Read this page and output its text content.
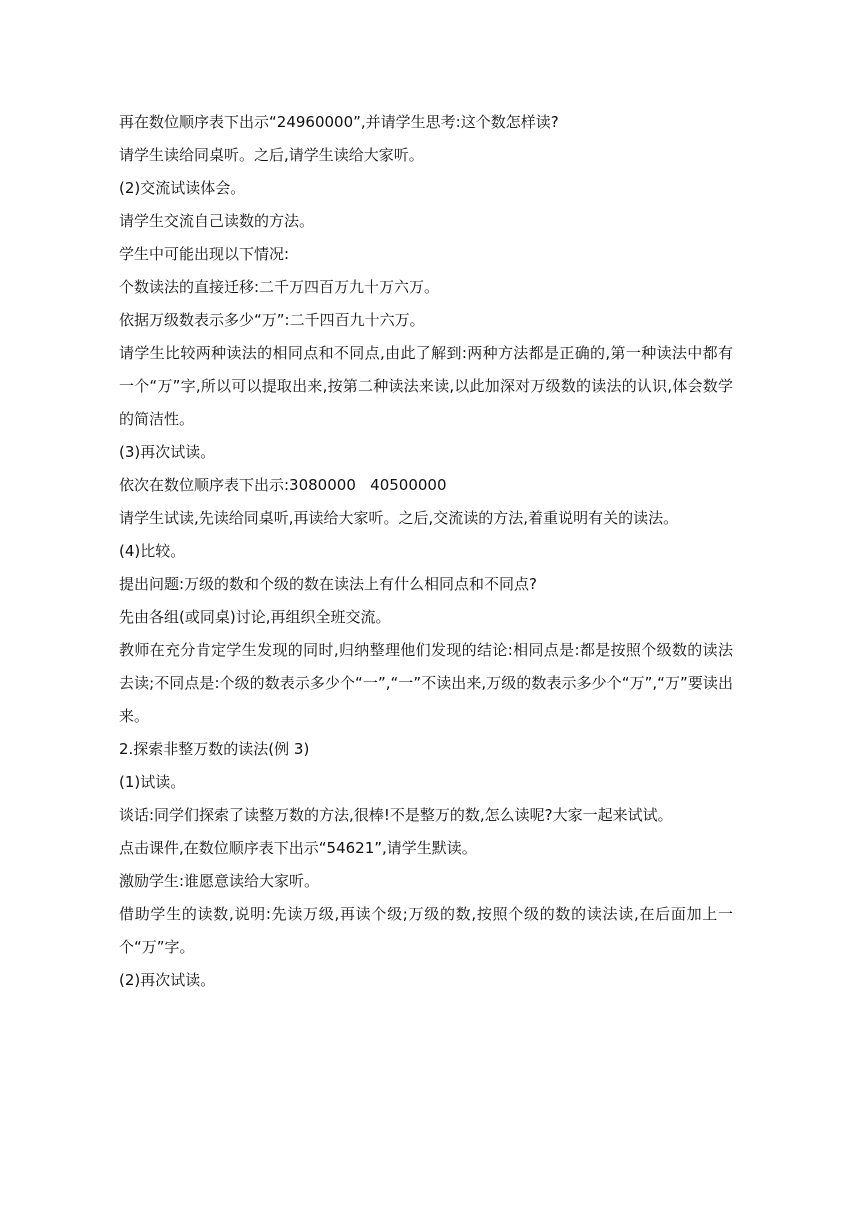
再在数位顺序表下出示“24960000”,并请学生思考:这个数怎样读?

请学生读给同桌听。之后,请学生读给大家听。

(2)交流试读体会。

请学生交流自己读数的方法。

学生中可能出现以下情况:

个数读法的直接迁移:二千万四百万九十万六万。

依据万级数表示多少“万”:二千四百九十六万。

请学生比较两种读法的相同点和不同点,由此了解到:两种方法都是正确的,第一种读法中都有一个“万”字,所以可以提取出来,按第二种读法来读,以此加深对万级数的读法的认识,体会数学的简洁性。

(3)再次试读。

依次在数位顺序表下出示:3080000   40500000

请学生试读,先读给同桌听,再读给大家听。之后,交流读的方法,着重说明有关的读法。

(4)比较。

提出问题:万级的数和个级的数在读法上有什么相同点和不同点?

先由各组(或同桌)讨论,再组织全班交流。

教师在充分肯定学生发现的同时,归纳整理他们发现的结论:相同点是:都是按照个级数的读法去读;不同点是:个级的数表示多少个“一”,“一”不读出来,万级的数表示多少个“万”,“万”要读出来。

2.探索非整万数的读法(例 3)

(1)试读。

谈话:同学们探索了读整万数的方法,很棒!不是整万的数,怎么读呢?大家一起来试试。

点击课件,在数位顺序表下出示“54621”,请学生默读。

激励学生:谁愿意读给大家听。

借助学生的读数,说明:先读万级,再读个级;万级的数,按照个级的数的读法读,在后面加上一个“万”字。

(2)再次试读。
